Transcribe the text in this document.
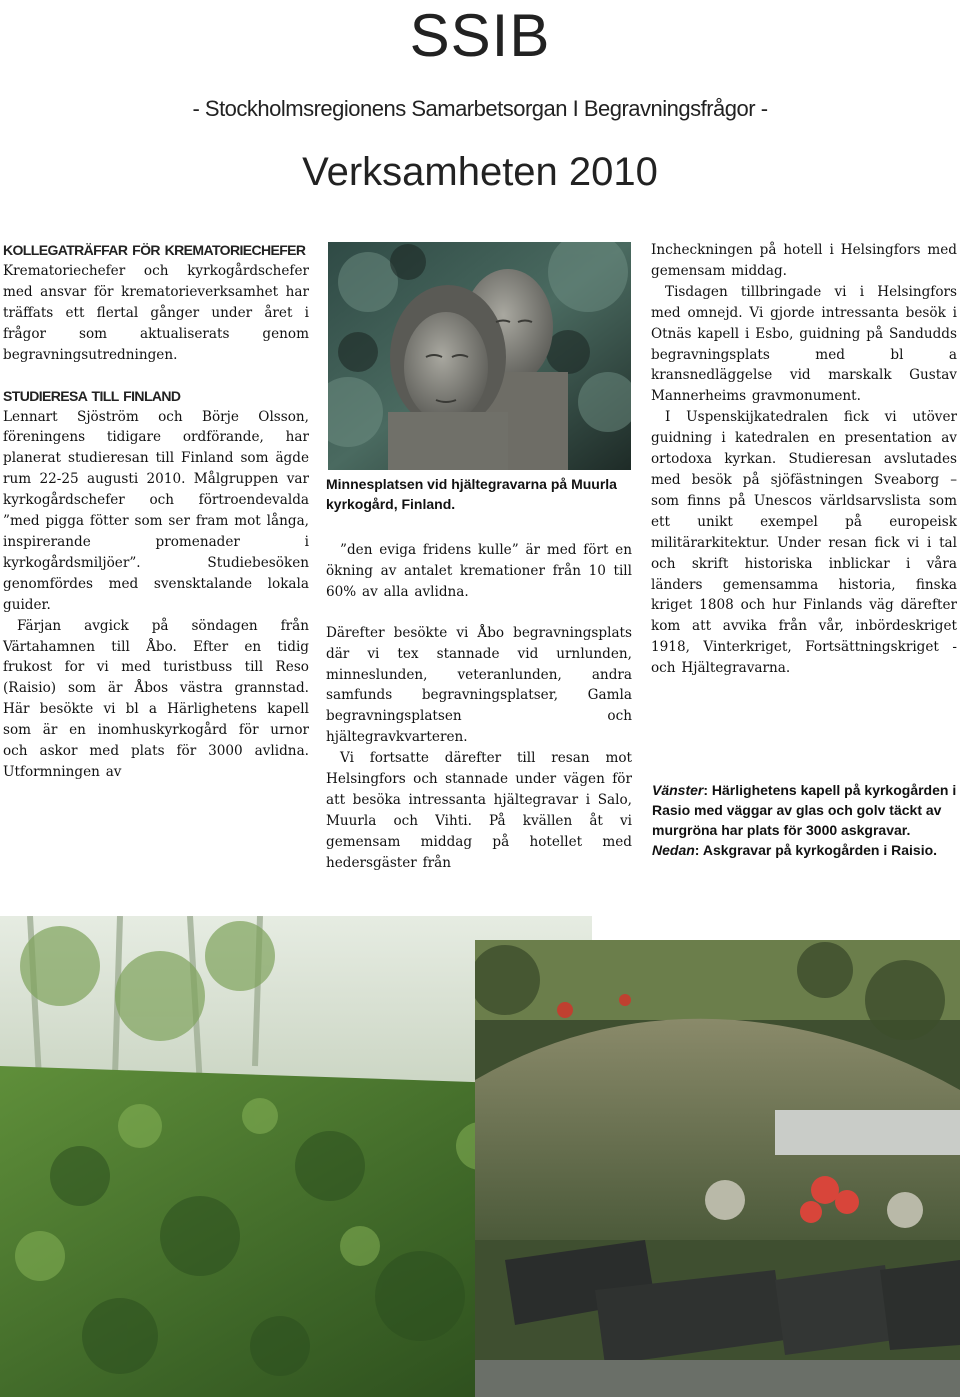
SSIB
- Stockholmsregionens Samarbetsorgan I Begravningsfrågor -
Verksamheten 2010
KOLLEGATRÄFFAR FÖR KREMATORIECHEFER

Krematoriechefer och kyrkogårdschefer med ansvar för krematorieverksamhet har träffats ett flertal gånger under året i frågor som aktualiserats genom begravningsutredningen.

STUDIERESA TILL FINLAND

Lennart Sjöström och Börje Olsson, föreningens tidigare ordförande, har planerat studieresan till Finland som ägde rum 22-25 augusti 2010. Målgruppen var kyrkogårdschefer och förtroendevalda ”med pigga fötter som ser fram mot långa, inspirerande promenader i kyrkogårdsmiljöer”. Studiebesöken genomfördes med svensktalande lokala guider.

Färjan avgick på söndagen från Värtahamnen till Åbo. Efter en tidig frukost for vi med turistbuss till Reso (Raisio) som är Åbos västra grannstad. Här besökte vi bl a Härlighetens kapell som är en inomhuskyrkogård för urnor och askor med plats för 3000 avlidna. Utformningen av

Minnesplatsen vid hjältegravarna på Muurla kyrkogård, Finland.

”den eviga fridens kulle” är med fört en ökning av antalet kremationer från 10 till 60% av alla avlidna.

Därefter besökte vi Åbo begravningsplats där vi tex stannade vid urnlunden, minneslunden, veteranlunden, andra samfunds begravningsplatser, Gamla begravningsplatsen och hjältegravkvarteren.

Vi fortsatte därefter till resan mot Helsingfors och stannade under vägen för att besöka intressanta hjältegravar i Salo, Muurla och Vihti. På kvällen åt vi gemensam middag på hotellet med hedersgäster från

Incheckningen på hotell i Helsingfors med gemensam middag.

Tisdagen tillbringade vi i Helsingfors med omnejd. Vi gjorde intressanta besök i Otnäs kapell i Esbo, guidning på Sandudds begravningsplats med bl a kransnedläggelse vid marskalk Gustav Mannerheims gravmonument.

I Uspenskijkatedralen fick vi utöver guidning i katedralen en presentation av ortodoxa kyrkan. Studieresan avslutades med besök på sjöfästningen Sveaborg – som finns på Unescos världsarvslista som ett unikt exempel på europeisk militärarkitektur. Under resan fick vi i tal och skrift historiska inblickar i våra länders gemensamma historia, finska kriget 1808 och hur Finlands väg därefter kom att avvika från vår, inbördeskriget 1918, Vinterkriget, Fortsättningskriget - och Hjältegravarna.

Vänster: Härlighetens kapell på kyrkogården i Rasio med väggar av glas och golv täckt av murgröna har plats för 3000 askgravar.
Nedan: Askgravar på kyrkogården i Raisio.
